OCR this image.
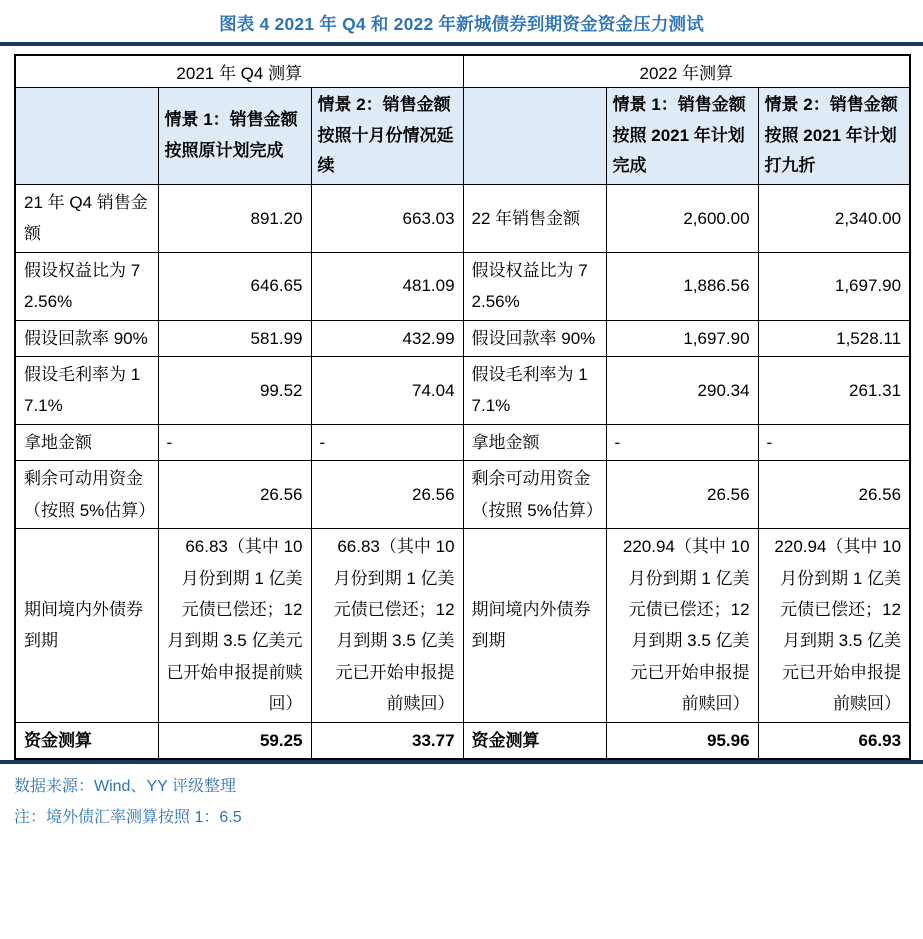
图表 4 2021 年 Q4 和 2022 年新城债券到期资金资金压力测试
2021 年 Q4 测算			2022 年测算		
	情景 1：销售金额按照原计划完成	情景 2：销售金额按照十月份情况延续		情景 1：销售金额按照 2021 年计划完成	情景 2：销售金额按照 2021 年计划打九折
21 年 Q4 销售金额	891.20	663.03	22 年销售金额	2,600.00	2,340.00
假设权益比为 72.56%	646.65	481.09	假设权益比为 72.56%	1,886.56	1,697.90
假设回款率 90%	581.99	432.99	假设回款率 90%	1,697.90	1,528.11
假设毛利率为 17.1%	99.52	74.04	假设毛利率为 17.1%	290.34	261.31
拿地金额	-	-	拿地金额	-	-
剩余可动用资金（按照 5%估算）	26.56	26.56	剩余可动用资金（按照 5%估算）	26.56	26.56
期间境内外债券到期	66.83（其中 10 月份到期 1 亿美元债已偿还；12 月到期 3.5 亿美元已开始申报提前赎回）	66.83（其中 10 月份到期 1 亿美元债已偿还；12 月到期 3.5 亿美元已开始申报提前赎回）	期间境内外债券到期	220.94（其中 10 月份到期 1 亿美元债已偿还；12 月到期 3.5 亿美元已开始申报提前赎回）	220.94（其中 10 月份到期 1 亿美元债已偿还；12 月到期 3.5 亿美元已开始申报提前赎回）
资金测算	59.25	33.77	资金测算	95.96	66.93
数据来源：Wind、YY 评级整理
注：境外债汇率测算按照 1：6.5
